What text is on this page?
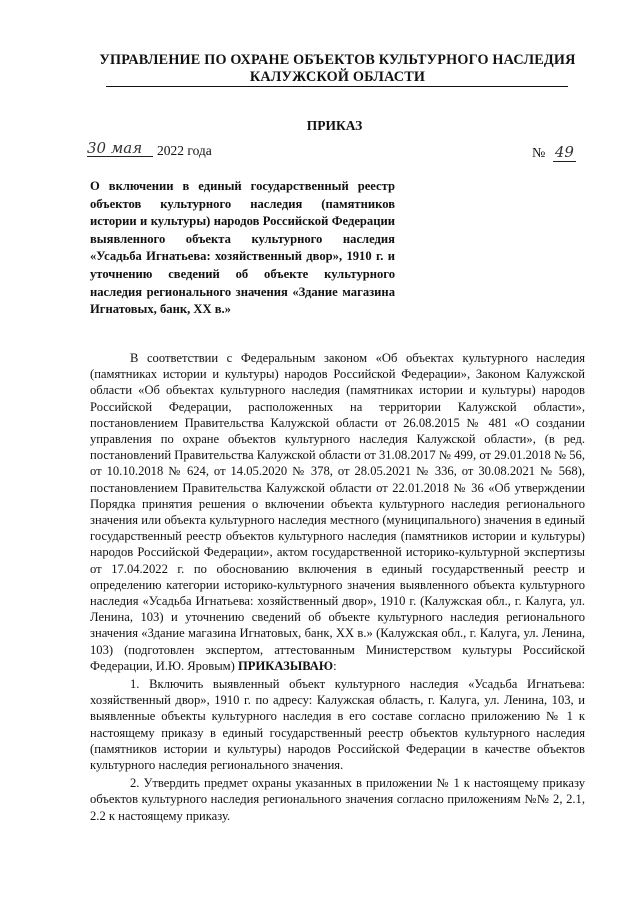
УПРАВЛЕНИЕ ПО ОХРАНЕ ОБЪЕКТОВ КУЛЬТУРНОГО НАСЛЕДИЯ
КАЛУЖСКОЙ ОБЛАСТИ
ПРИКАЗ
30 мая	2022 года	№ 49
О включении в единый государственный реестр объектов культурного наследия (памятников истории и культуры) народов Российской Федерации выявленного объекта культурного наследия «Усадьба Игнатьева: хозяйственный двор», 1910 г. и уточнению сведений об объекте культурного наследия регионального значения «Здание магазина Игнатовых, банк, XX в.»

В соответствии с Федеральным законом «Об объектах культурного наследия (памятниках истории и культуры) народов Российской Федерации», Законом Калужской области «Об объектах культурного наследия (памятниках истории и культуры) народов Российской Федерации, расположенных на территории Калужской области», постановлением Правительства Калужской области от 26.08.2015 № 481 «О создании управления по охране объектов культурного наследия Калужской области», (в ред. постановлений Правительства Калужской области от 31.08.2017 № 499, от 29.01.2018 № 56, от 10.10.2018 № 624, от 14.05.2020 № 378, от 28.05.2021 № 336, от 30.08.2021 № 568), постановлением Правительства Калужской области от 22.01.2018 № 36 «Об утверждении Порядка принятия решения о включении объекта культурного наследия регионального значения или объекта культурного наследия местного (муниципального) значения в единый государственный реестр объектов культурного наследия (памятников истории и культуры) народов Российской Федерации», актом государственной историко-культурной экспертизы от 17.04.2022 г. по обоснованию включения в единый государственный реестр и определению категории историко-культурного значения выявленного объекта культурного наследия «Усадьба Игнатьева: хозяйственный двор», 1910 г. (Калужская обл., г. Калуга, ул. Ленина, 103) и уточнению сведений об объекте культурного наследия регионального значения «Здание магазина Игнатовых, банк, XX в.» (Калужская обл., г. Калуга, ул. Ленина, 103) (подготовлен экспертом, аттестованным Министерством культуры Российской Федерации, И.Ю. Яровым) ПРИКАЗЫВАЮ:

1. Включить выявленный объект культурного наследия «Усадьба Игнатьева: хозяйственный двор», 1910 г. по адресу: Калужская область, г. Калуга, ул. Ленина, 103, и выявленные объекты культурного наследия в его составе согласно приложению № 1 к настоящему приказу в единый государственный реестр объектов культурного наследия (памятников истории и культуры) народов Российской Федерации в качестве объектов культурного наследия регионального значения.

2. Утвердить предмет охраны указанных в приложении № 1 к настоящему приказу объектов культурного наследия регионального значения согласно приложениям №№ 2, 2.1, 2.2 к настоящему приказу.
